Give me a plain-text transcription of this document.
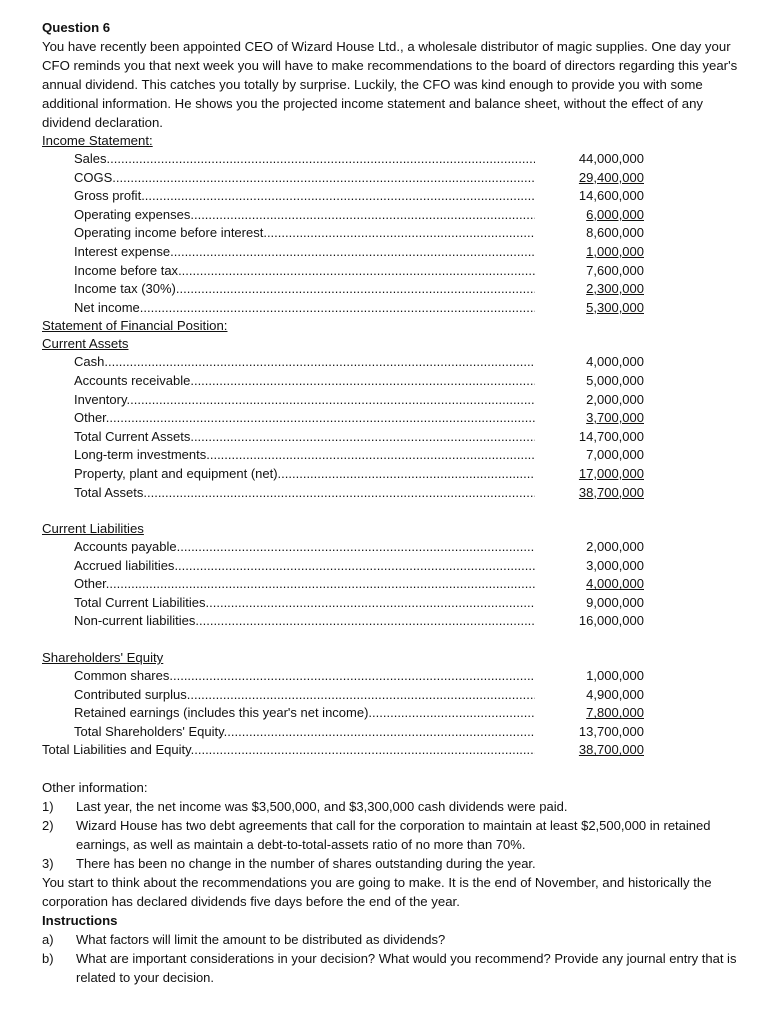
Question 6

You have recently been appointed CEO of Wizard House Ltd., a wholesale distributor of magic supplies. One day your CFO reminds you that next week you will have to make recommendations to the board of directors regarding this year's annual dividend. This catches you totally by surprise. Luckily, the CFO was kind enough to provide you with some additional information. He shows you the projected income statement and balance sheet, without the effect of any dividend declaration.

Income Statement:
Sales .....	44,000,000
COGS .....	29,400,000
Gross profit .....	14,600,000
Operating expenses .....	6,000,000
Operating income before interest .....	8,600,000
Interest expense .....	1,000,000
Income before tax .....	7,600,000
Income tax (30%) .....	2,300,000
Net income .....	5,300,000
Statement of Financial Position:
Current Assets
Cash .....	4,000,000
Accounts receivable .....	5,000,000
Inventory .....	2,000,000
Other .....	3,700,000
Total Current Assets .....	14,700,000
Long-term investments .....	7,000,000
Property, plant and equipment (net) .....	17,000,000
Total Assets .....	38,700,000
Current Liabilities
Accounts payable .....	2,000,000
Accrued liabilities .....	3,000,000
Other .....	4,000,000
Total Current Liabilities .....	9,000,000
Non-current liabilities .....	16,000,000
Shareholders' Equity
Common shares .....	1,000,000
Contributed surplus .....	4,900,000
Retained earnings (includes this year's net income) .....	7,800,000
Total Shareholders' Equity .....	13,700,000
Total Liabilities and Equity .....	38,700,000
Other information:
1) Last year, the net income was $3,500,000, and $3,300,000 cash dividends were paid.
2) Wizard House has two debt agreements that call for the corporation to maintain at least $2,500,000 in retained earnings, as well as maintain a debt-to-total-assets ratio of no more than 70%.
3) There has been no change in the number of shares outstanding during the year.
You start to think about the recommendations you are going to make. It is the end of November, and historically the corporation has declared dividends five days before the end of the year.
Instructions
a) What factors will limit the amount to be distributed as dividends?
b) What are important considerations in your decision? What would you recommend? Provide any journal entry that is related to your decision.
